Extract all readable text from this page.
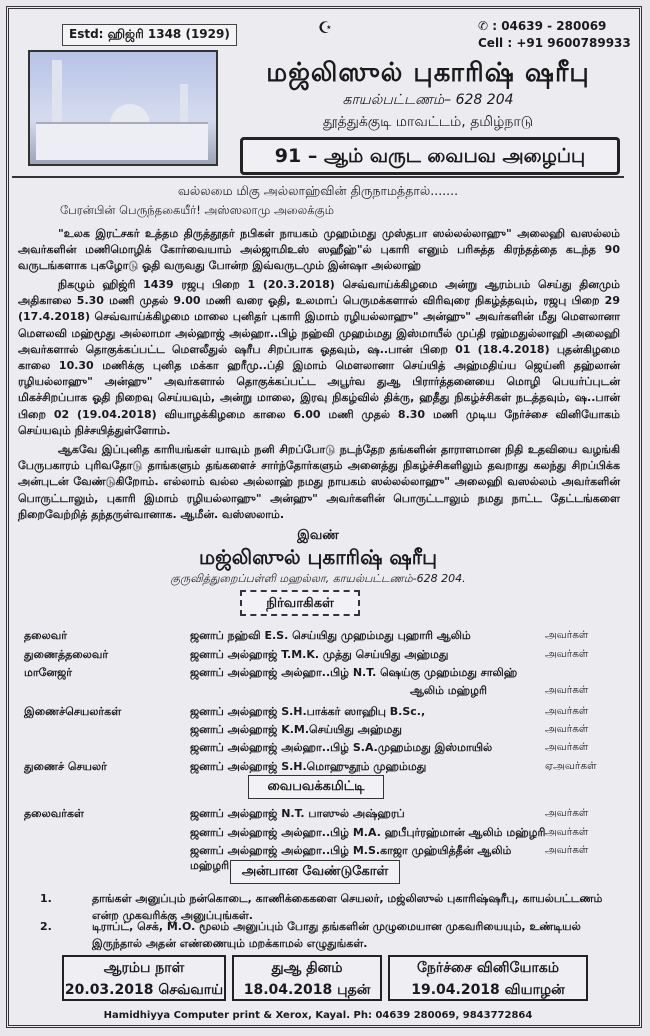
Estd: ஹிஜ்ரி 1348 (1929)	☪	✆ : 04639 - 280069
Cell : +91 9600789933
மஜ்லிஸுல் புகாரிஷ் ஷரீபு
காயல்பட்டணம்– 628 204
தூத்துக்குடி மாவட்டம், தமிழ்நாடு
91 – ஆம் வருட வைபவ அழைப்பு
வல்லமை மிகு அல்லாஹ்வின் திருநாமத்தால்.......
பேரன்பின் பெருந்தகையீர்! அஸ்ஸலாமு அலைக்கும்
"உலக இரட்சகர் உத்தம திருத்தூதர் நபிகள் நாயகம் முஹம்மது முஸ்தபா ஸல்லல்லாஹு" அலைஹி வஸல்லம் அவர்களின் மணிமொழிக் கோர்வையாம் அல்ஜாமிஉஸ் ஸஹீஹ்"ல் புகாரி எனும் பரிசுத்த கிரந்தத்தை கடந்த 90 வருடங்களாக புகழோடு ஓதி வருவது போன்ற இவ்வருடமும் இன்ஷா அல்லாஹ்
நிகழும் ஹிஜ்ரி 1439 ரஜபு பிறை 1 (20.3.2018) செவ்வாய்க்கிழமை அன்று ஆரம்பம் செய்து தினமும் அதிகாலை 5.30 மணி முதல் 9.00 மணி வரை ஓதி, உலமாப் பெருமக்களால் விரிவுரை நிகழ்த்தவும், ரஜபு பிறை 29 (17.4.2018) செவ்வாய்க்கிழமை மாலை புனிதர் புகாரி இமாம் ரழியல்லாஹு" அன்ஹு" அவர்களின் மீது மௌலானா மௌலவி மஹ்மூது அல்லாமா அல்ஹாஜ் அல்ஹா..பிழ் நஹ்வி முஹம்மது இஸ்மாயீல் முப்தி ரஹ்மதுல்லாஹி அலைஹி அவர்களால் தொகுக்கப்பட்ட மௌலீதுல் ஷரீப சிறப்பாக ஓதவும், ஷ..பான் பிறை 01 (18.4.2018) புதன்கிழமை காலை 10.30 மணிக்கு புனித மக்கா ஹரீமு..ப்தி இமாம் மௌலானா செய்யித் அஹ்மதிய்ய ஜெய்னி தஹ்லான் ரழியல்லாஹு" அன்ஹு" அவர்களால் தொகுக்கப்பட்ட அபூர்வ துஆ பிரார்த்தனையை மொழி பெயர்ப்புடன் மிகச்சிறப்பாக ஓதி நிறைவு செய்யவும், அன்று மாலை, இரவு நிகழ்வில் திக்ரு, ஹதீது நிகழ்ச்சிகள் நடத்தவும், ஷ..பான் பிறை 02 (19.04.2018) வியாழக்கிழமை காலை 6.00 மணி முதல் 8.30 மணி முடிய நேர்ச்சை வினியோகம் செய்யவும் நிச்சயித்துள்ளோம்.
ஆகவே இப்புனித காரியங்கள் யாவும் நனி சிறப்போடு நடந்தேற தங்களின் தாராளமான நிதி உதவியை வழங்கி பேருபகாரம் புரிவதோடு தாங்களும் தங்களைச் சார்ந்தோர்களும் அனைத்து நிகழ்ச்சிகளிலும் தவறாது கலந்து சிறப்பிக்க அன்புடன் வேண்டுகிறோம். எல்லாம் வல்ல அல்லாஹ் நமது நாயகம் ஸல்லல்லாஹு" அலைஹி வஸல்லம் அவர்களின் பொருட்டாலும், புகாரி இமாம் ரழியல்லாஹு" அன்ஹு" அவர்களின் பொருட்டாலும் நமது நாட்ட தேட்டங்களை நிறைவேற்றித் தந்தருள்வானாக. ஆமீன். வஸ்ஸலாம்.
இவண்
மஜ்லிஸுல் புகாரிஷ் ஷரீபு
குருவித்துறைப்பள்ளி மஹல்லா, காயல்பட்டணம்-628 204.
நிர்வாகிகள்
தலைவர்	ஜனாப் நஹ்வி E.S. செய்யிது முஹம்மது புஹாரி ஆலிம்	அவர்கள்
துணைத்தலைவர்	ஜனாப் அல்ஹாஜ் T.M.K. முத்து செய்யிது அஹ்மது	அவர்கள்
மானேஜர்	ஜனாப் அல்ஹாஜ் அல்ஹா..பிழ் N.T. ஷெய்கு முஹம்மது சாலிஹ்
ஆலிம் மஹ்ழரி	அவர்கள்
இணைச்செயலர்கள்	ஜனாப் அல்ஹாஜ் S.H.பாக்கர் ஸாஹிபு B.Sc.,	அவர்கள்
ஜனாப் அல்ஹாஜ் K.M.செய்யிது அஹ்மது	அவர்கள்
ஜனாப் அல்ஹாஜ் அல்ஹா..பிழ் S.A.முஹம்மது இஸ்மாயில்	அவர்கள்
துணைச் செயலர்	ஜனாப் அல்ஹாஜ் S.H.மொஹுதூம் முஹம்மது	ஏஅவர்கள்
வைபவக்கமிட்டி
தலைவர்கள்	ஜனாப் அல்ஹாஜ் N.T. பாஸுல் அஷ்ஹரப்	அவர்கள்
ஜனாப் அல்ஹாஜ் அல்ஹா..பிழ் M.A. ஹபீபுர்ரஹ்மான் ஆலிம் மஹ்ழரி அவர்கள்
ஜனாப் அல்ஹாஜ் அல்ஹா..பிழ் M.S.காஜா முஹ்யித்தீன் ஆலிம் மஹ்ழரி
அவர்கள்
அன்பான வேண்டுகோள்
1.	தாங்கள் அனுப்பும் நன்கொடை, காணிக்கைகளை செயலர், மஜ்லிஸுல் புகாரிஷ்ஷரீபு, காயல்பட்டணம் என்ற முகவரிக்கு அனுப்புங்கள்.
2.	டிராப்ட், செக், M.O. மூலம் அனுப்பும் போது தங்களின் முழுமையான முகவரியையும், உண்டியல் இருந்தால் அதன் எண்ணையும் மறக்காமல் எழுதுங்கள்.
ஆரம்ப நாள்
20.03.2018 செவ்வாய்
துஆ தினம்
18.04.2018 புதன்
நேர்ச்சை வினியோகம்
19.04.2018 வியாழன்
Hamidhiyya Computer print & Xerox, Kayal. Ph: 04639 280069, 9843772864
